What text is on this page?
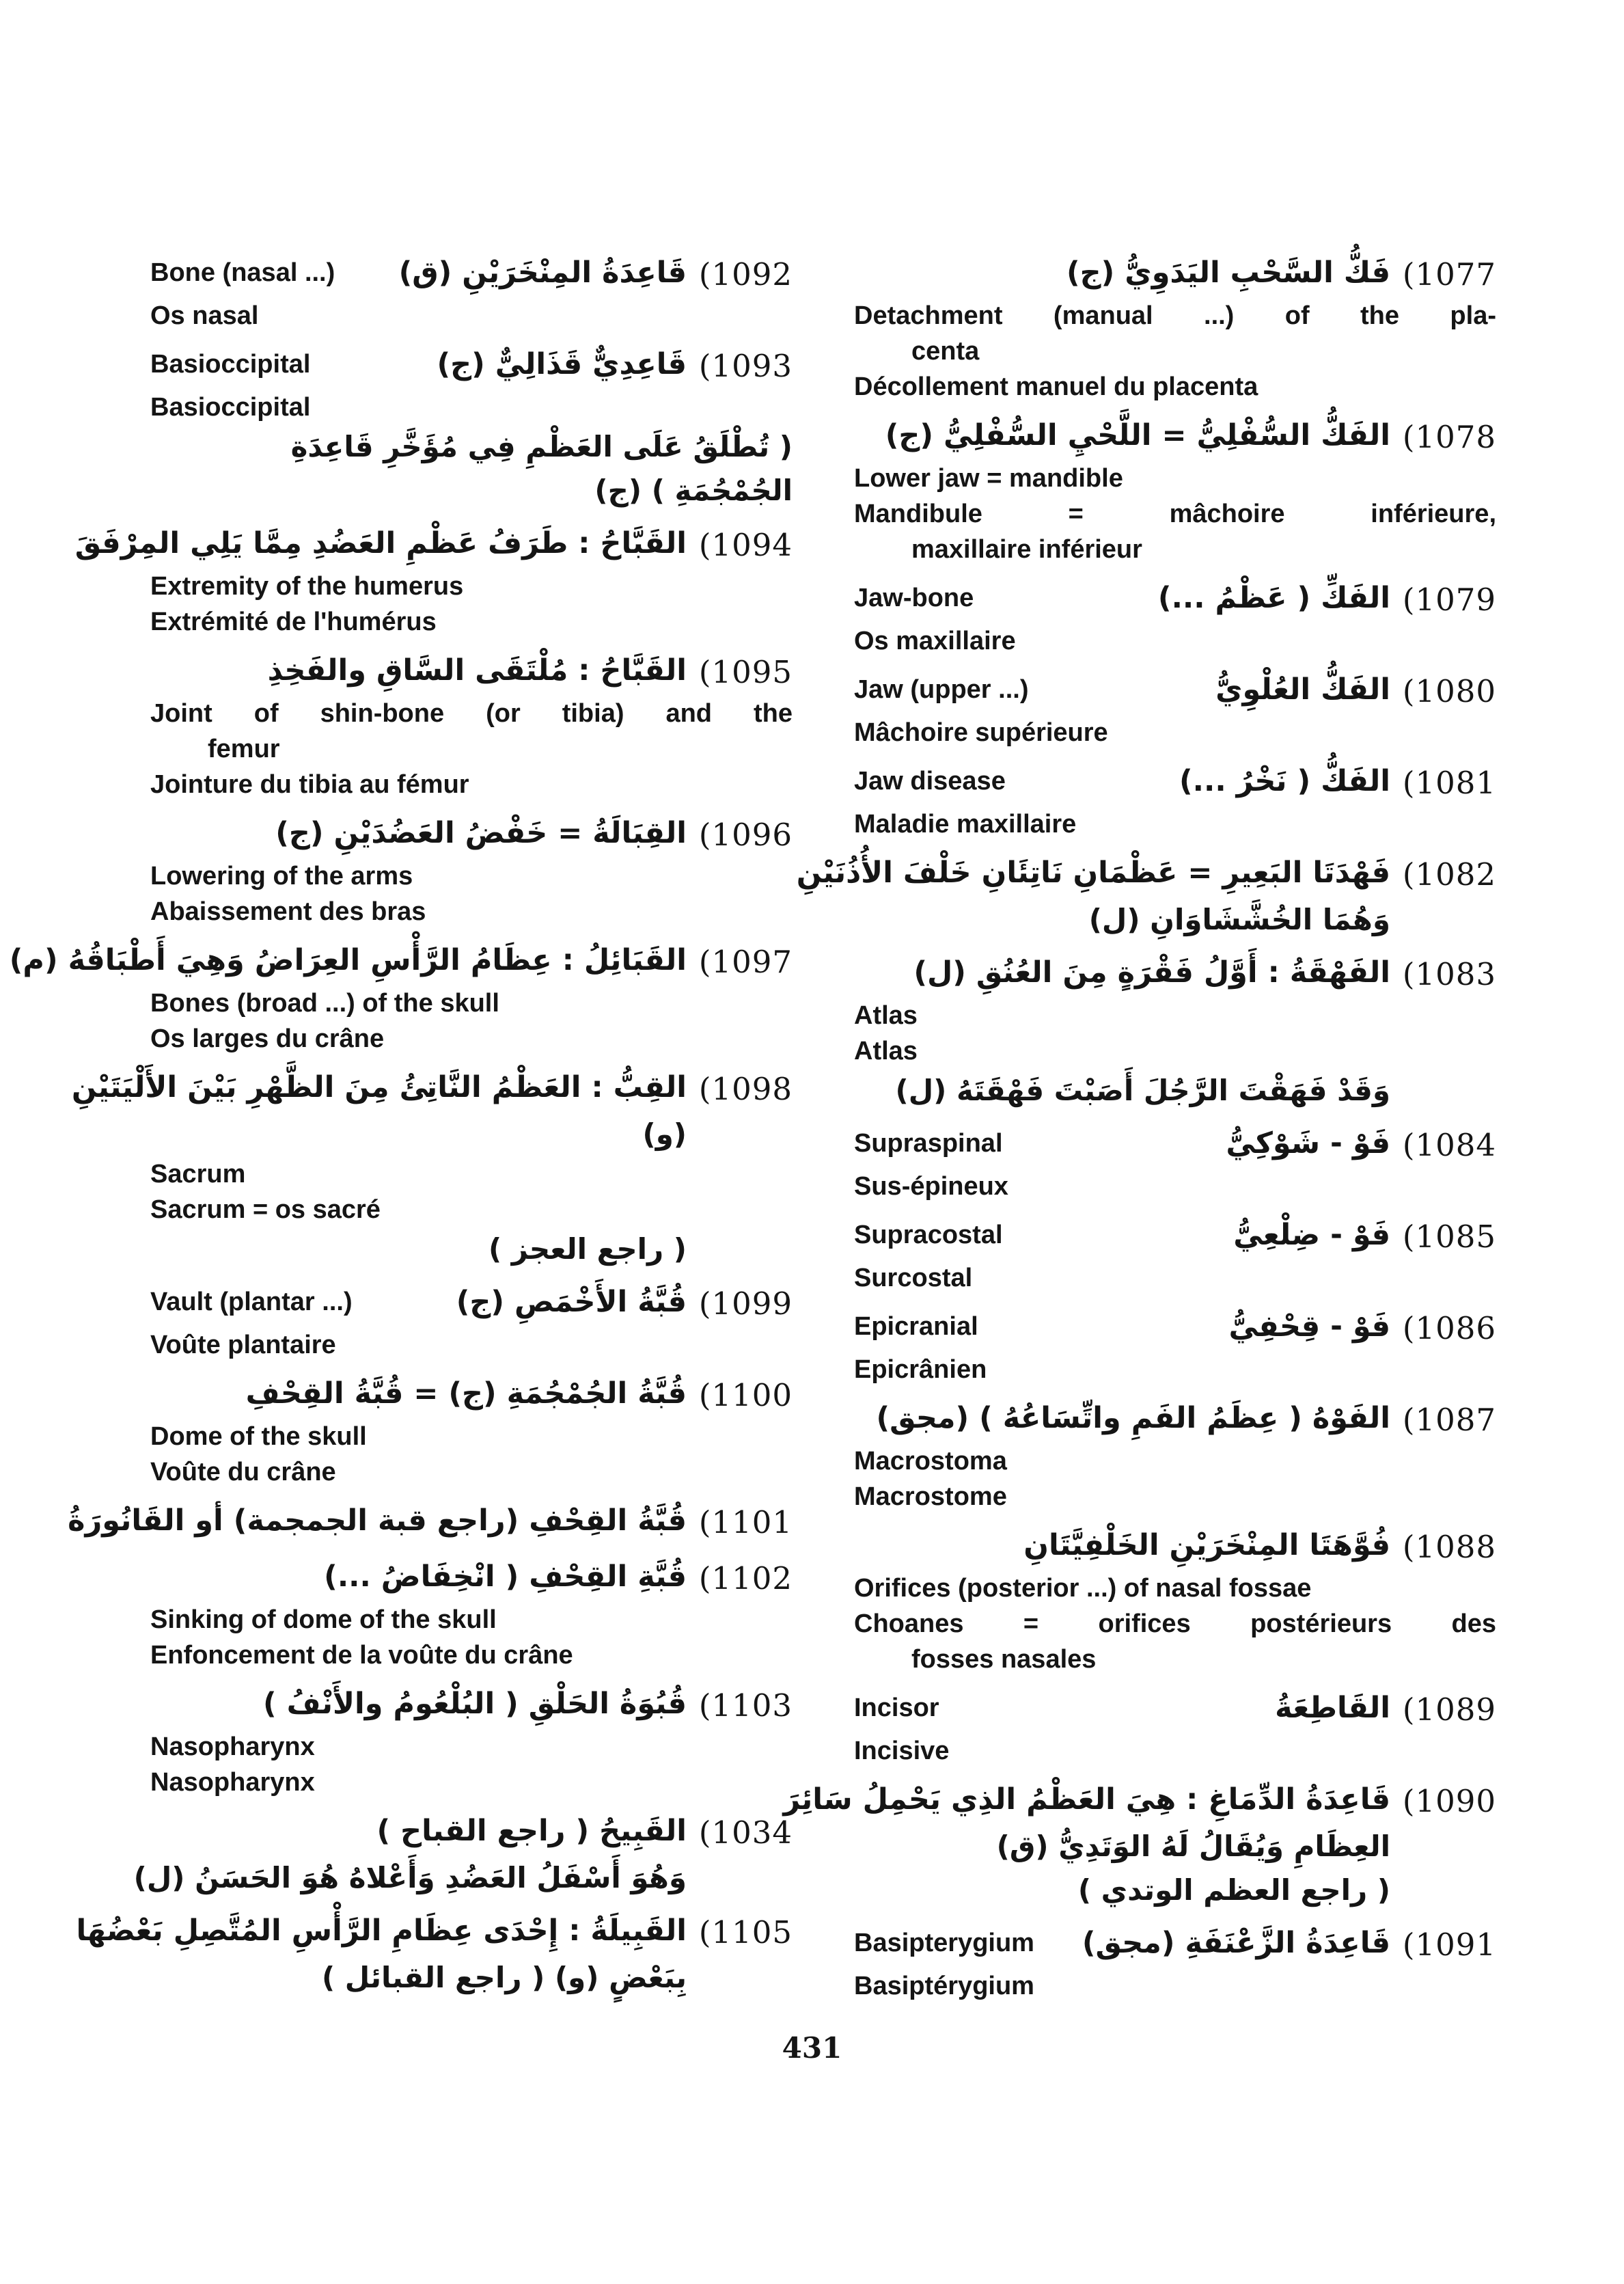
(1077
فَكُّ السَّحْبِ اليَدَوِيُّ (ج)
Detachment (manual ...) of the pla-
centa
Décollement manuel du placenta
(1078
الفَكُّ السُّفْلِيُّ = اللَّحْيِ السُّفْلِيُّ (ج)
Lower jaw = mandible
Mandibule = mâchoire inférieure,
maxillaire inférieur
Jaw-bone	(1079
الفَكِّ ( عَظْمُ ...)
Os maxillaire
Jaw (upper ...)	(1080
الفَكُّ العُلْوِيُّ
Mâchoire supérieure
Jaw disease	(1081
الفَكُّ ( نَخْرُ ...)
Maladie maxillaire
(1082
فَهْدَتَا البَعِيرِ = عَظْمَانِ نَاتِئَانِ خَلْفَ الأُذُنَيْنِ
وَهُمَا الخُشَّشَاوَانِ (ل)
(1083
الفَهْقَةُ : أَوَّلُ فَقْرَةٍ مِنَ العُنُقِ (ل)
Atlas
Atlas
وَقَدْ فَهَقْتَ الرَّجُلَ أَصَبْتَ فَهْقَتَهُ (ل)
Supraspinal	(1084
فَوْ - شَوْكِيُّ
Sus-épineux
Supracostal	(1085
فَوْ - ضِلْعِيُّ
Surcostal
Epicranial	(1086
فَوْ - قِحْفِيُّ
Epicrânien
(1087
الفَوْهُ ( عِظَمُ الفَمِ واتِّسَاعُهُ ) (مجق)
Macrostoma
Macrostome
(1088
فُوَّهَتَا المِنْخَرَيْنِ الخَلْفِيَّتَانِ
Orifices (posterior ...) of nasal fossae
Choanes = orifices postérieurs des
fosses nasales
Incisor	(1089
القَاطِعَةُ
Incisive
(1090
قَاعِدَةُ الدِّمَاغِ : هِيَ العَظْمُ الذِي يَحْمِلُ سَائِرَ
العِظَامِ وَيُقَالُ لَهُ الوَتَدِيُّ (ق)
( راجع العظم الوتدي )
Basipterygium	(1091
قَاعِدَةُ الزَّعْنَفَةِ (مجق)
Basiptérygium
Bone (nasal ...)	(1092
قَاعِدَةُ المِنْخَرَيْنِ (ق)
Os nasal
Basioccipital	(1093
قَاعِدِيٌّ قَذَالِيٌّ (ج)
Basioccipital
( تُطْلَقُ عَلَى العَظْمِ فِي مُؤَخَّرِ قَاعِدَةِ
الجُمْجُمَةِ ) (ج)
(1094
القَبَّاحُ : طَرَفُ عَظْمِ العَضُدِ مِمَّا يَلِي المِرْفَقَ
Extremity of the humerus
Extrémité de l'humérus
(1095
القَبَّاحُ : مُلْتَقَى السَّاقِ والفَخِذِ
Joint of shin-bone (or tibia) and the
femur
Jointure du tibia au fémur
(1096
القِبَالَةُ = خَفْضُ العَضُدَيْنِ (ج)
Lowering of the arms
Abaissement des bras
(1097
القَبَائِلُ : عِظَامُ الرَّأْسِ العِرَاضُ وَهِيَ أَطْبَاقُهُ (م)
Bones (broad ...) of the skull
Os larges du crâne
(1098
القِبُّ : العَظْمُ النَّاتِئُ مِنَ الظَّهْرِ بَيْنَ الأَلْيَتَيْنِ
(و)
Sacrum
Sacrum = os sacré
( راجع العجز )
Vault (plantar ...)	(1099
قُبَّةُ الأَخْمَصِ (ج)
Voûte plantaire
(1100
قُبَّةُ الجُمْجُمَةِ (ج) = قُبَّةُ القِحْفِ
Dome of the skull
Voûte du crâne
(1101
قُبَّةُ القِحْفِ (راجع قبة الجمجمة) أو القَانُورَةُ
(1102
قُبَّةِ القِحْفِ ( انْخِفَاضُ ...)
Sinking of dome of the skull
Enfoncement de la voûte du crâne
(1103
قُبُوَةُ الحَلْقِ ( البُلْعُومُ والأَنْفُ )
Nasopharynx
Nasopharynx
(1034
القَبِيحُ ( راجع القباح )
وَهُوَ أَسْفَلُ العَضُدِ وَأَعْلاهُ هُوَ الحَسَنُ (ل)
(1105
القَبِيلَةُ : إِحْدَى عِظَامِ الرَّأْسِ المُتَّصِلِ بَعْضُهَا
بِبَعْضٍ (و) ( راجع القبائل )
431
